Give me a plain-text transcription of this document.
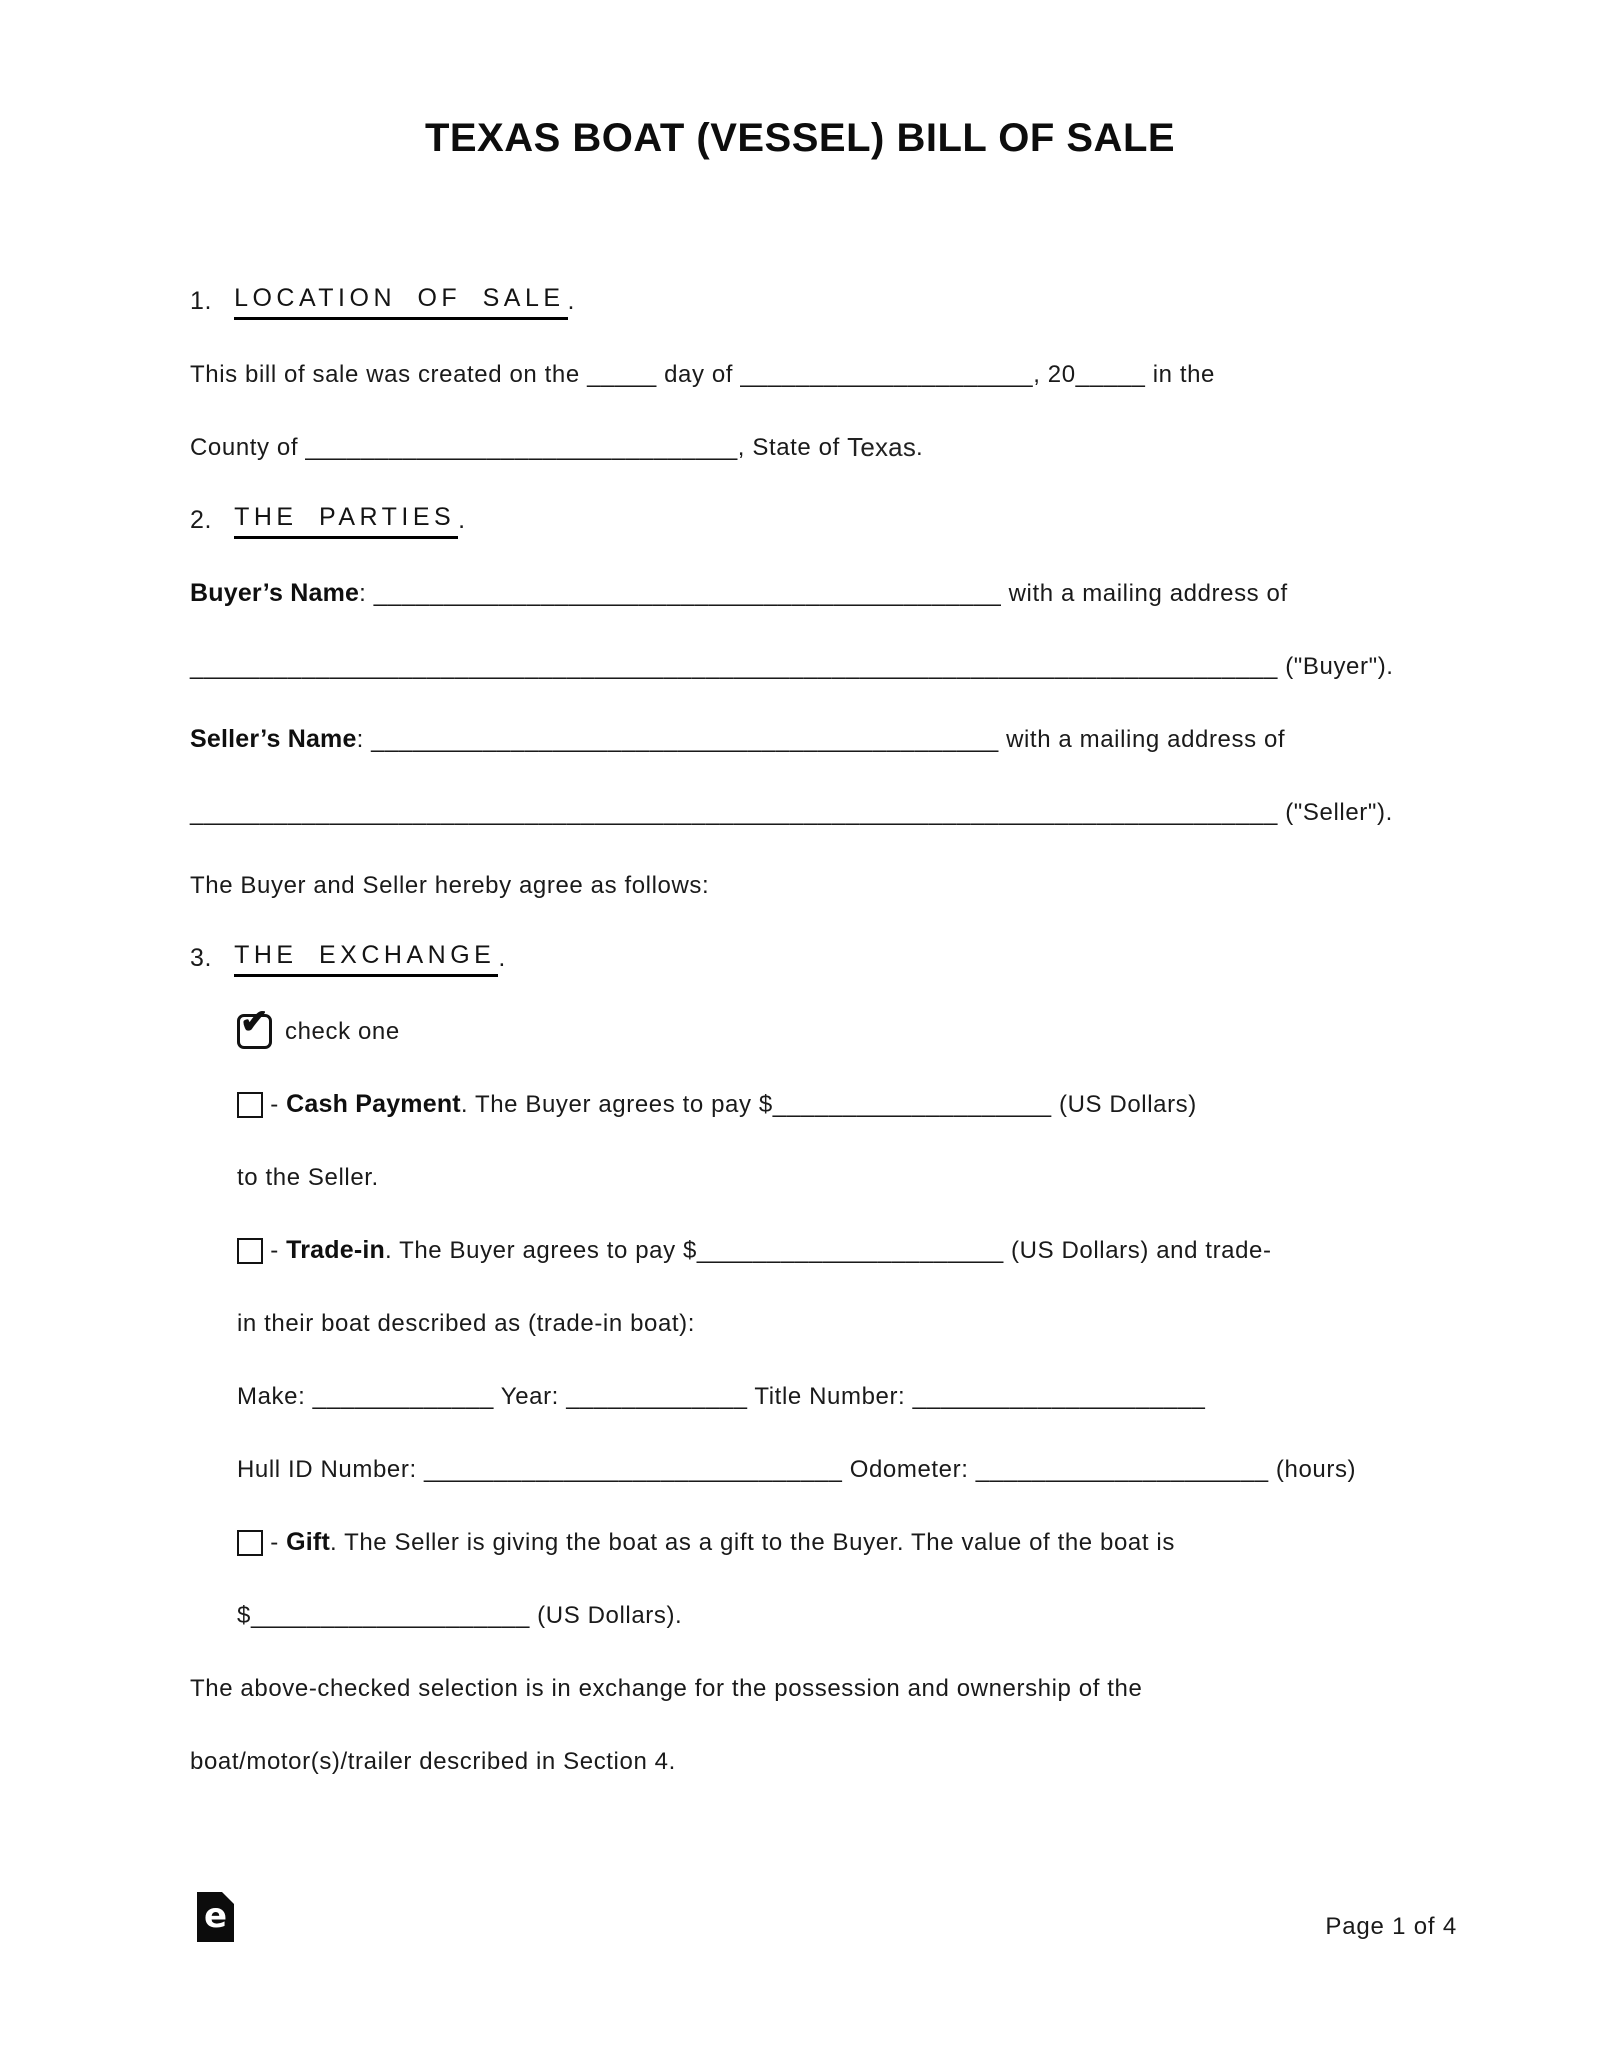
TEXAS BOAT (VESSEL) BILL OF SALE
1. LOCATION OF SALE .
This bill of sale was created on the _____ day of _____________________ , 20 _____ in the
County of _______________________________ , State of Texas .
2. THE PARTIES .
Buyer’s Name : _____________________________________________ with a mailing address of
______________________________________________________________________________ ("Buyer").
Seller’s Name : _____________________________________________ with a mailing address of
______________________________________________________________________________ ("Seller").
The Buyer and Seller hereby agree as follows:
3. THE EXCHANGE .
✔ check one
- Cash Payment . The Buyer agrees to pay $ ____________________ (US Dollars)
to the Seller.
- Trade-in . The Buyer agrees to pay $ ______________________ (US Dollars) and trade-
in their boat described as (trade-in boat):
Make: _____________ Year: _____________ Title Number: _____________________
Hull ID Number: ______________________________ Odometer: _____________________ (hours)
- Gift . The Seller is giving the boat as a gift to the Buyer. The value of the boat is
$ ____________________ (US Dollars).
The above-checked selection is in exchange for the possession and ownership of the
boat/motor(s)/trailer described in Section 4.
e	Page 1 of 4
